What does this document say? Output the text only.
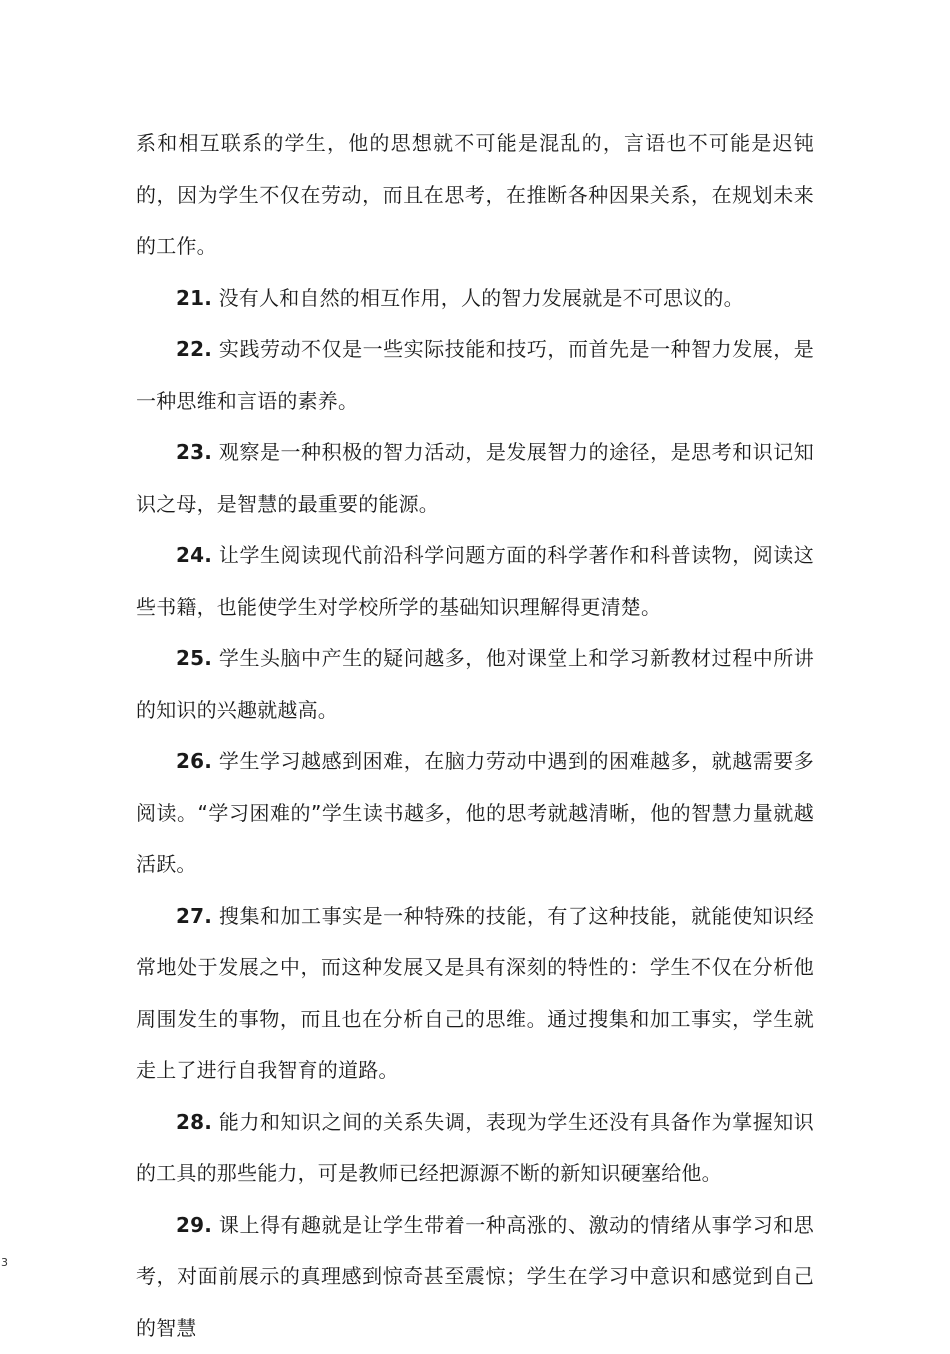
系和相互联系的学生，他的思想就不可能是混乱的，言语也不可能是迟钝的，因为学生不仅在劳动，而且在思考，在推断各种因果关系，在规划未来的工作。

21. 没有人和自然的相互作用，人的智力发展就是不可思议的。

22. 实践劳动不仅是一些实际技能和技巧，而首先是一种智力发展，是一种思维和言语的素养。

23. 观察是一种积极的智力活动，是发展智力的途径，是思考和识记知识之母，是智慧的最重要的能源。

24. 让学生阅读现代前沿科学问题方面的科学著作和科普读物，阅读这些书籍，也能使学生对学校所学的基础知识理解得更清楚。

25. 学生头脑中产生的疑问越多，他对课堂上和学习新教材过程中所讲的知识的兴趣就越高。

26. 学生学习越感到困难，在脑力劳动中遇到的困难越多，就越需要多阅读。“学习困难的”学生读书越多，他的思考就越清晰，他的智慧力量就越活跃。

27. 搜集和加工事实是一种特殊的技能，有了这种技能，就能使知识经常地处于发展之中，而这种发展又是具有深刻的特性的：学生不仅在分析他周围发生的事物，而且也在分析自己的思维。通过搜集和加工事实，学生就走上了进行自我智育的道路。

28. 能力和知识之间的关系失调，表现为学生还没有具备作为掌握知识的工具的那些能力，可是教师已经把源源不断的新知识硬塞给他。

29. 课上得有趣就是让学生带着一种高涨的、激动的情绪从事学习和思考，对面前展示的真理感到惊奇甚至震惊；学生在学习中意识和感觉到自己的智慧

3
